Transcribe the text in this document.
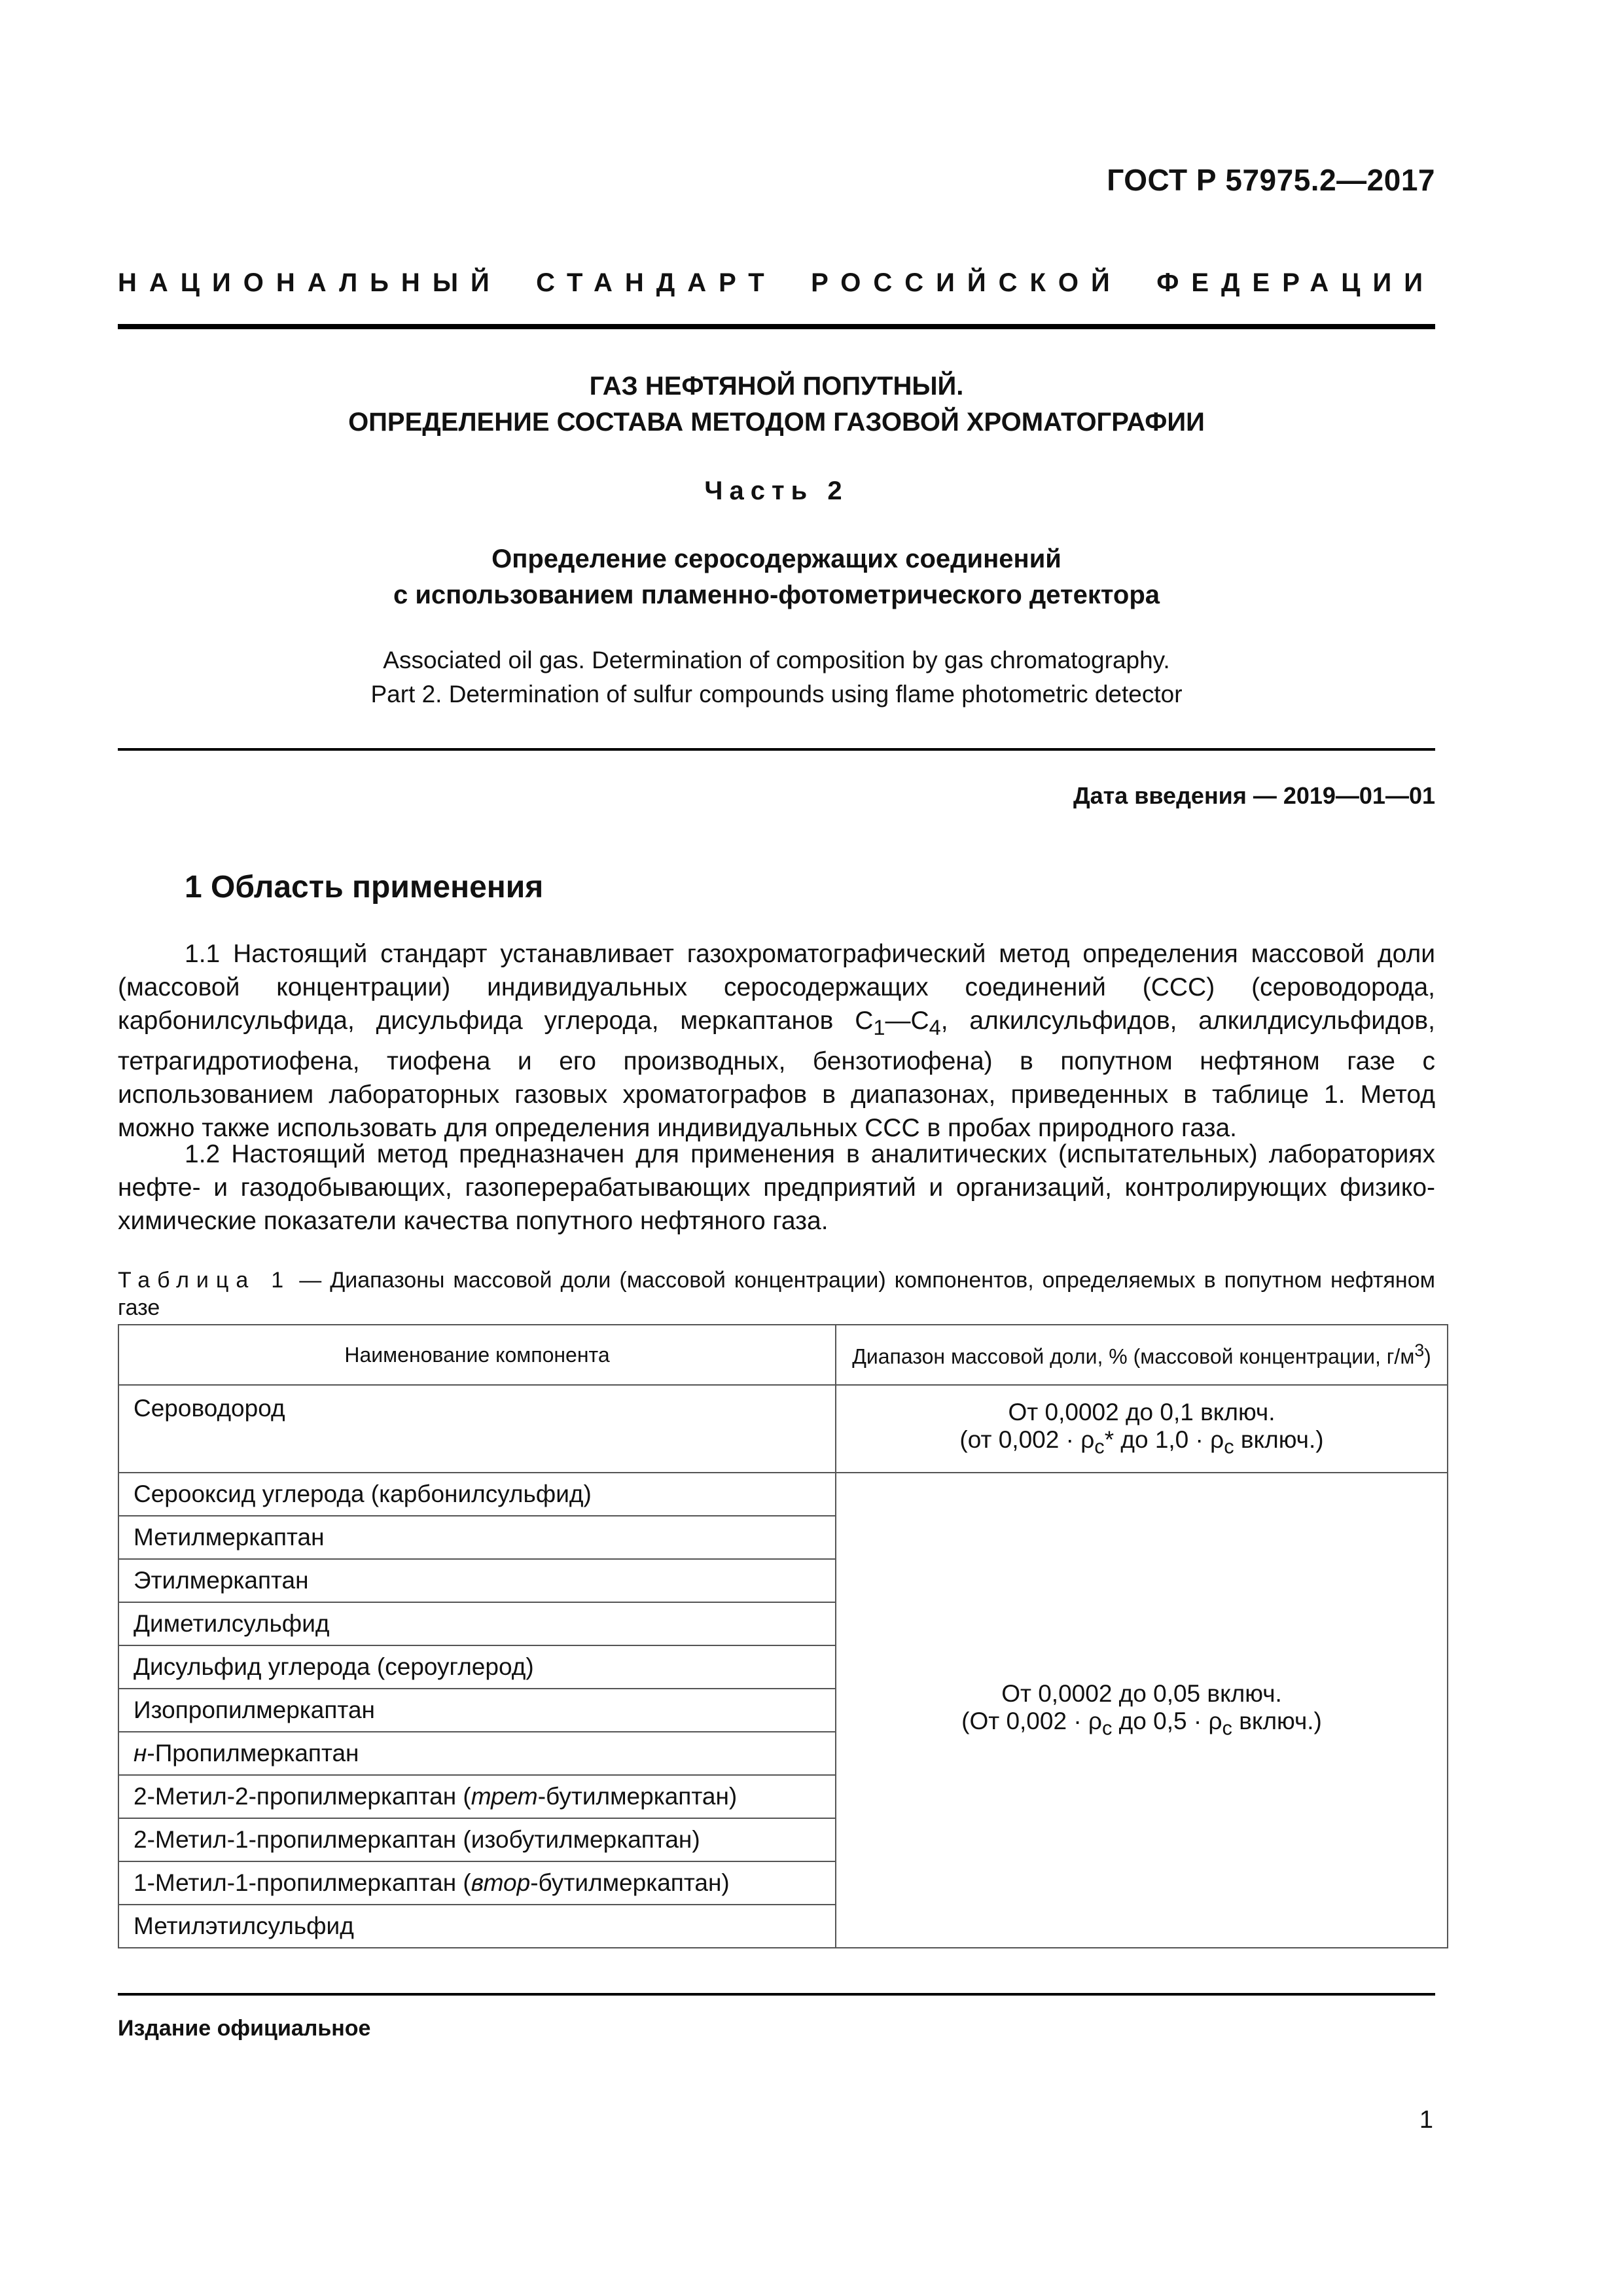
ГОСТ Р 57975.2—2017
НАЦИОНАЛЬНЫЙ СТАНДАРТ РОССИЙСКОЙ ФЕДЕРАЦИИ
ГАЗ НЕФТЯНОЙ ПОПУТНЫЙ.
ОПРЕДЕЛЕНИЕ СОСТАВА МЕТОДОМ ГАЗОВОЙ ХРОМАТОГРАФИИ
Часть 2
Определение серосодержащих соединений
с использованием пламенно-фотометрического детектора
Associated oil gas. Determination of composition by gas chromatography.
Part 2. Determination of sulfur compounds using flame photometric detector
Дата введения — 2019—01—01
1 Область применения
1.1 Настоящий стандарт устанавливает газохроматографический метод определения массовой доли (массовой концентрации) индивидуальных серосодержащих соединений (ССС) (сероводорода, карбонилсульфида, дисульфида углерода, меркаптанов $С_1—С_4$, алкилсульфидов, алкилдисульфидов, тетрагидротиофена, тиофена и его производных, бензотиофена) в попутном нефтяном газе с использованием лабораторных газовых хроматографов в диапазонах, приведенных в таблице 1. Метод можно также использовать для определения индивидуальных ССС в пробах природного газа.
1.2 Настоящий метод предназначен для применения в аналитических (испытательных) лабораториях нефте- и газодобывающих, газоперерабатывающих предприятий и организаций, контролирующих физико-химические показатели качества попутного нефтяного газа.
Таблица 1 — Диапазоны массовой доли (массовой концентрации) компонентов, определяемых в попутном нефтяном газе
Наименование компонента	Диапазон массовой доли, % (массовой концентрации, $г/м^3$)
Сероводород	От 0,0002 до 0,1 включ.
(от $0,002 \cdot \rho_c*$ до $1,0 \cdot \rho_c$ включ.)

Серооксид углерода (карбонилсульфид)	От 0,0002 до 0,05 включ.
(От $0,002 \cdot \rho_c$ до $0,5 \cdot \rho_c$ включ.)

Метилмеркаптан	
Этилмеркаптан	
Диметилсульфид	
Дисульфид углерода (сероуглерод)	
Изопропилмеркаптан	
н-Пропилмеркаптан	
2-Метил-2-пропилмеркаптан (трет-бутилмеркаптан)	
2-Метил-1-пропилмеркаптан (изобутилмеркаптан)	
1-Метил-1-пропилмеркаптан (втор-бутилмеркаптан)	
Метилэтилсульфид	
Издание официальное
1
